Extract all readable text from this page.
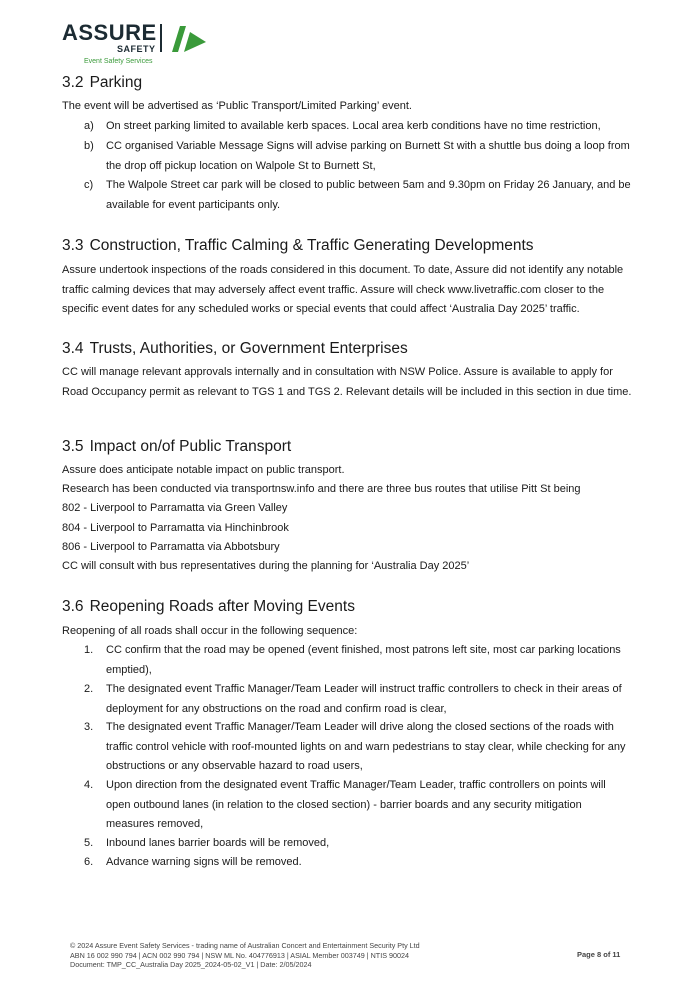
ASSURE
SAFETY
Event Safety Services
3.2 Parking

The event will be advertised as ‘Public Transport/Limited Parking’ event.

a)	On street parking limited to available kerb spaces. Local area kerb conditions have no time restriction,
b)	CC organised Variable Message Signs will advise parking on Burnett St with a shuttle bus doing a loop from the drop off pickup location on Walpole St to Burnett St,
c)	The Walpole Street car park will be closed to public between 5am and 9.30pm on Friday 26 January, and be available for event participants only.
3.3 Construction, Traffic Calming & Traffic Generating Developments

Assure undertook inspections of the roads considered in this document. To date, Assure did not identify any notable traffic calming devices that may adversely affect event traffic. Assure will check www.livetraffic.com closer to the specific event dates for any scheduled works or special events that could affect ‘Australia Day 2025’ traffic.

3.4 Trusts, Authorities, or Government Enterprises

CC will manage relevant approvals internally and in consultation with NSW Police. Assure is available to apply for Road Occupancy permit as relevant to TGS 1 and TGS 2. Relevant details will be included in this section in due time.

3.5 Impact on/of Public Transport

Assure does anticipate notable impact on public transport.

Research has been conducted via transportnsw.info and there are three bus routes that utilise Pitt St being

802 - Liverpool to Parramatta via Green Valley

804 - Liverpool to Parramatta via Hinchinbrook

806 - Liverpool to Parramatta via Abbotsbury

CC will consult with bus representatives during the planning for ‘Australia Day 2025’

3.6 Reopening Roads after Moving Events

Reopening of all roads shall occur in the following sequence:

1.	CC confirm that the road may be opened (event finished, most patrons left site, most car parking locations emptied),
2.	The designated event Traffic Manager/Team Leader will instruct traffic controllers to check in their areas of deployment for any obstructions on the road and confirm road is clear,
3.	The designated event Traffic Manager/Team Leader will drive along the closed sections of the roads with traffic control vehicle with roof-mounted lights on and warn pedestrians to stay clear, while checking for any obstructions or any observable hazard to road users,
4.	Upon direction from the designated event Traffic Manager/Team Leader, traffic controllers on points will open outbound lanes (in relation to the closed section) - barrier boards and any security mitigation measures removed,
5.	Inbound lanes barrier boards will be removed,
6.	Advance warning signs will be removed.
© 2024 Assure Event Safety Services - trading name of Australian Concert and Entertainment Security Pty Ltd
ABN 16 002 990 794 | ACN 002 990 794 | NSW ML No. 404776913 | ASIAL Member 003749 | NTIS 90024
Document: TMP_CC_Australia Day 2025_2024-05-02_V1 | Date: 2/05/2024
Page 8 of 11
